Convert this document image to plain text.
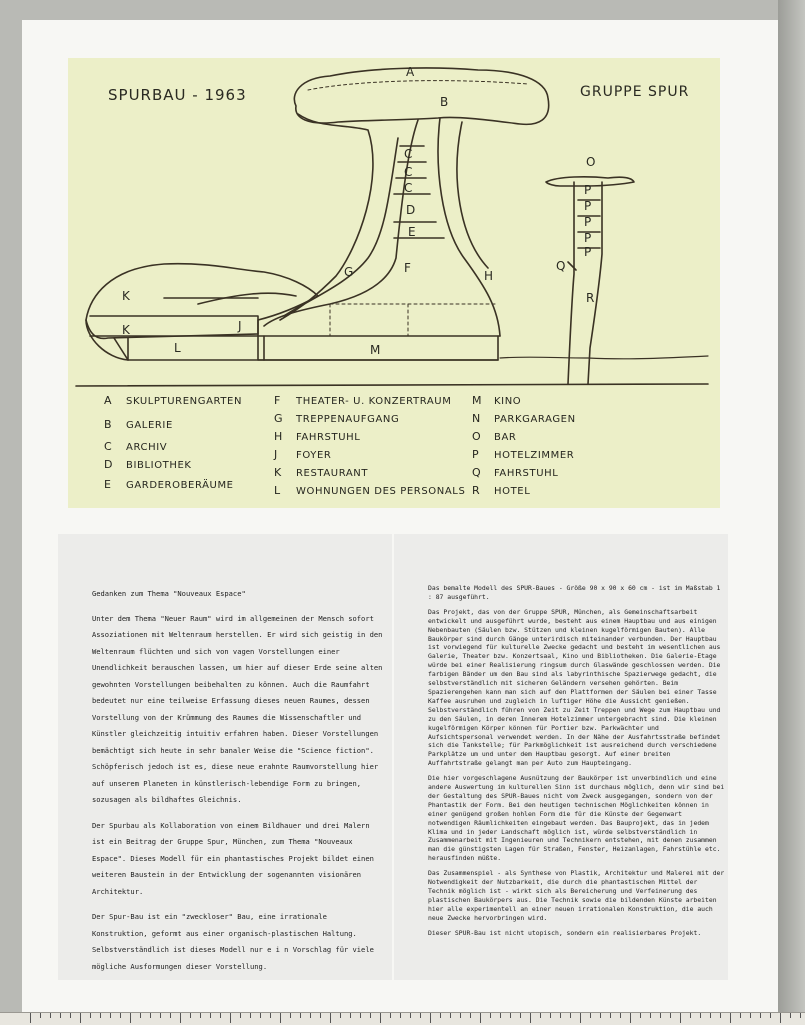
SPURBAU - 1963	GRUPPE SPUR
A
B
C
C
C
D
E
F
G	H
J
K
K
L	M
O
P
P
P
P
P
Q
R
A SKULPTURENGARTEN
B GALERIE
C ARCHIV
D BIBLIOTHEK
E GARDEROBERÄUME
F THEATER- U. KONZERTRAUM
G TREPPENAUFGANG
H FAHRSTUHL
J FOYER
K RESTAURANT
L WOHNUNGEN DES PERSONALS
M KINO
N PARKGARAGEN
O BAR
P HOTELZIMMER
Q FAHRSTUHL
R HOTEL
Gedanken zum Thema "Nouveaux Espace"

Unter dem Thema "Neuer Raum" wird im allgemeinen der Mensch sofort Assoziationen mit Weltenraum herstellen. Er wird sich geistig in den Weltenraum flüchten und sich von vagen Vorstellungen einer Unendlichkeit berauschen lassen, um hier auf dieser Erde seine alten gewohnten Vorstellungen beibehalten zu können. Auch die Raumfahrt bedeutet nur eine teilweise Erfassung dieses neuen Raumes, dessen Vorstellung von der Krümmung des Raumes die Wissenschaftler und Künstler gleichzeitig intuitiv erfahren haben. Dieser Vorstellungen bemächtigt sich heute in sehr banaler Weise die "Science fiction". Schöpferisch jedoch ist es, diese neue erahnte Raumvorstellung hier auf unserem Planeten in künstlerisch-lebendige Form zu bringen, sozusagen als bildhaftes Gleichnis.

Der Spurbau als Kollaboration von einem Bildhauer und drei Malern ist ein Beitrag der Gruppe Spur, München, zum Thema "Nouveaux Espace". Dieses Modell für ein phantastisches Projekt bildet einen weiteren Baustein in der Entwicklung der sogenannten visionären Architektur.

Der Spur-Bau ist ein "zweckloser" Bau, eine irrationale Konstruktion, geformt aus einer organisch-plastischen Haltung. Selbstverständlich ist dieses Modell nur e i n Vorschlag für viele mögliche Ausformungen dieser Vorstellung.

Das bemalte Modell des SPUR-Baues - Größe 90 x 90 x 60 cm - ist im Maßstab 1 : 87 ausgeführt.

Das Projekt, das von der Gruppe SPUR, München, als Gemeinschaftsarbeit entwickelt und ausgeführt wurde, besteht aus einem Hauptbau und aus einigen Nebenbauten (Säulen bzw. Stützen und kleinen kugelförmigen Bauten). Alle Baukörper sind durch Gänge unterirdisch miteinander verbunden. Der Hauptbau ist vorwiegend für kulturelle Zwecke gedacht und besteht im wesentlichen aus Galerie, Theater bzw. Konzertsaal, Kino und Bibliotheken. Die Galerie-Etage würde bei einer Realisierung ringsum durch Glaswände geschlossen werden. Die farbigen Bänder um den Bau sind als labyrinthische Spazierwege gedacht, die selbstverständlich mit sicheren Geländern versehen gehörten. Beim Spazierengehen kann man sich auf den Plattformen der Säulen bei einer Tasse Kaffee ausruhen und zugleich in luftiger Höhe die Aussicht genießen. Selbstverständlich führen von Zeit zu Zeit Treppen und Wege zum Hauptbau und zu den Säulen, in deren Innerem Hotelzimmer untergebracht sind. Die kleinen kugelförmigen Körper können für Portier bzw. Parkwächter und Aufsichtspersonal verwendet werden. In der Nähe der Ausfahrtsstraße befindet sich die Tankstelle; für Parkmöglichkeit ist ausreichend durch verschiedene Parkplätze um und unter dem Hauptbau gesorgt. Auf einer breiten Auffahrtstraße gelangt man per Auto zum Haupteingang.

Die hier vorgeschlagene Ausnützung der Baukörper ist unverbindlich und eine andere Auswertung im kulturellen Sinn ist durchaus möglich, denn wir sind bei der Gestaltung des SPUR-Baues nicht vom Zweck ausgegangen, sondern von der Phantastik der Form. Bei den heutigen technischen Möglichkeiten können in einer genügend großen hohlen Form die für die Künste der Gegenwart notwendigen Räumlichkeiten eingebaut werden. Das Bauprojekt, das in jedem Klima und in jeder Landschaft möglich ist, würde selbstverständlich in Zusammenarbeit mit Ingenieuren und Technikern entstehen, mit denen zusammen man die günstigsten Lagen für Straßen, Fenster, Heizanlagen, Fahrstühle etc. herausfinden müßte.

Das Zusammenspiel - als Synthese von Plastik, Architektur und Malerei mit der Notwendigkeit der Nutzbarkeit, die durch die phantastischen Mittel der Technik möglich ist - wirkt sich als Bereicherung und Verfeinerung des plastischen Baukörpers aus. Die Technik sowie die bildenden Künste arbeiten hier alle experimentell an einer neuen irrationalen Konstruktion, die auch neue Zwecke hervorbringen wird.

Dieser SPUR-Bau ist nicht utopisch, sondern ein realisierbares Projekt.
